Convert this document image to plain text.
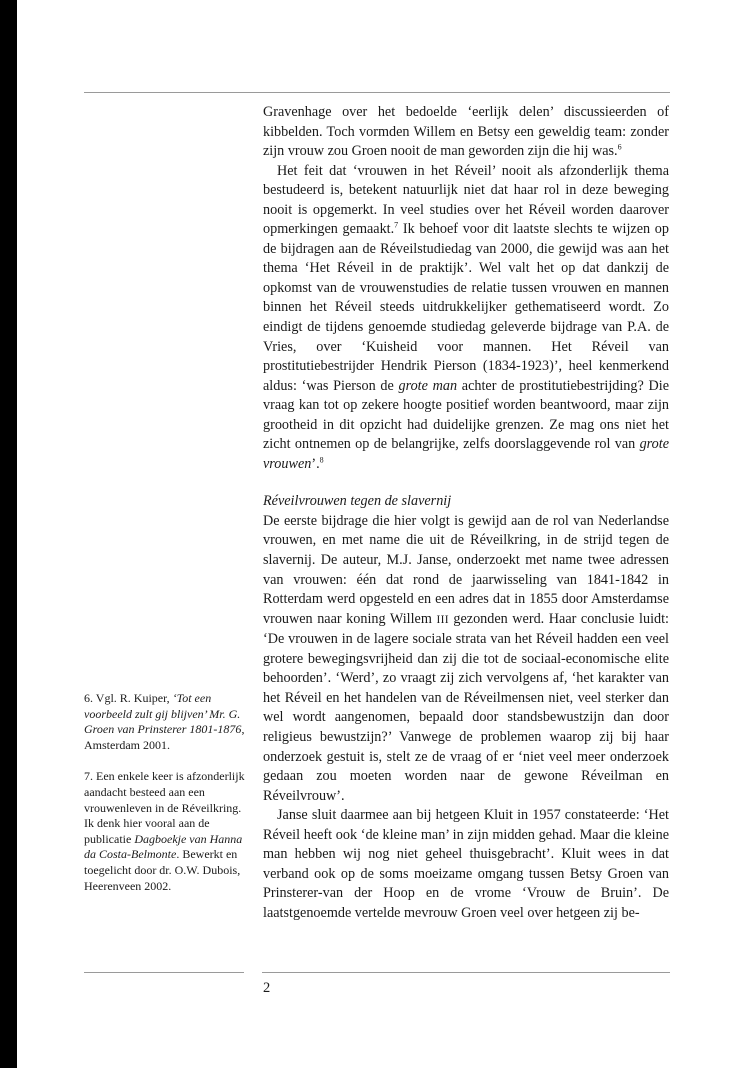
Gravenhage over het bedoelde ‘eerlijk delen’ discussieerden of kibbelden. Toch vormden Willem en Betsy een geweldig team: zonder zijn vrouw zou Groen nooit de man geworden zijn die hij was.$^6$

Het feit dat ‘vrouwen in het Réveil’ nooit als afzonderlijk thema bestudeerd is, betekent natuurlijk niet dat haar rol in deze beweging nooit is opgemerkt. In veel studies over het Réveil worden daarover opmerkingen gemaakt.$^7$ Ik behoef voor dit laatste slechts te wijzen op de bijdragen aan de Réveilstudiedag van 2000, die gewijd was aan het thema ‘Het Réveil in de praktijk’. Wel valt het op dat dankzij de opkomst van de vrouwenstudies de relatie tussen vrouwen en mannen binnen het Réveil steeds uitdrukkelijker gethematiseerd wordt. Zo eindigt de tijdens genoemde studiedag geleverde bijdrage van P.A. de Vries, over ‘Kuisheid voor mannen. Het Réveil van prostitutiebestrijder Hendrik Pierson (1834-1923)’, heel kenmerkend aldus: ‘was Pierson de grote man achter de prostitutiebestrijding? Die vraag kan tot op zekere hoogte positief worden beantwoord, maar zijn grootheid in dit opzicht had duidelijke grenzen. Ze mag ons niet het zicht ontnemen op de belangrijke, zelfs doorslaggevende rol van grote vrouwen’.$^8$

Réveilvrouwen tegen de slavernij

De eerste bijdrage die hier volgt is gewijd aan de rol van Nederlandse vrouwen, en met name die uit de Réveilkring, in de strijd tegen de slavernij. De auteur, M.J. Janse, onderzoekt met name twee adressen van vrouwen: één dat rond de jaarwisseling van 1841-1842 in Rotterdam werd opgesteld en een adres dat in 1855 door Amsterdamse vrouwen naar koning Willem III gezonden werd. Haar conclusie luidt: ‘De vrouwen in de lagere sociale strata van het Réveil hadden een veel grotere bewegingsvrijheid dan zij die tot de sociaal-economische elite behoorden’. ‘Werd’, zo vraagt zij zich vervolgens af, ‘het karakter van het Réveil en het handelen van de Réveilmensen niet, veel sterker dan wel wordt aangenomen, bepaald door standsbewustzijn dan door religieus bewustzijn?’ Vanwege de problemen waarop zij bij haar onderzoek gestuit is, stelt ze de vraag of er ‘niet veel meer onderzoek gedaan zou moeten worden naar de gewone Réveilman en Réveilvrouw’.

Janse sluit daarmee aan bij hetgeen Kluit in 1957 constateerde: ‘Het Réveil heeft ook ‘de kleine man’ in zijn midden gehad. Maar die kleine man hebben wij nog niet geheel thuisgebracht’. Kluit wees in dat verband ook op de soms moeizame omgang tussen Betsy Groen van Prinsterer-van der Hoop en de vrome ‘Vrouw de Bruin’. De laatstgenoemde vertelde mevrouw Groen veel over hetgeen zij be-

6. Vgl. R. Kuiper, ‘Tot een voorbeeld zult gij blijven’ Mr. G. Groen van Prinsterer 1801-1876, Amsterdam 2001.

7. Een enkele keer is afzonderlijk aandacht besteed aan een vrouwenleven in de Réveilkring. Ik denk hier vooral aan de publicatie Dagboekje van Hanna da Costa-Belmonte. Bewerkt en toegelicht door dr. O.W. Dubois, Heerenveen 2002.

2
